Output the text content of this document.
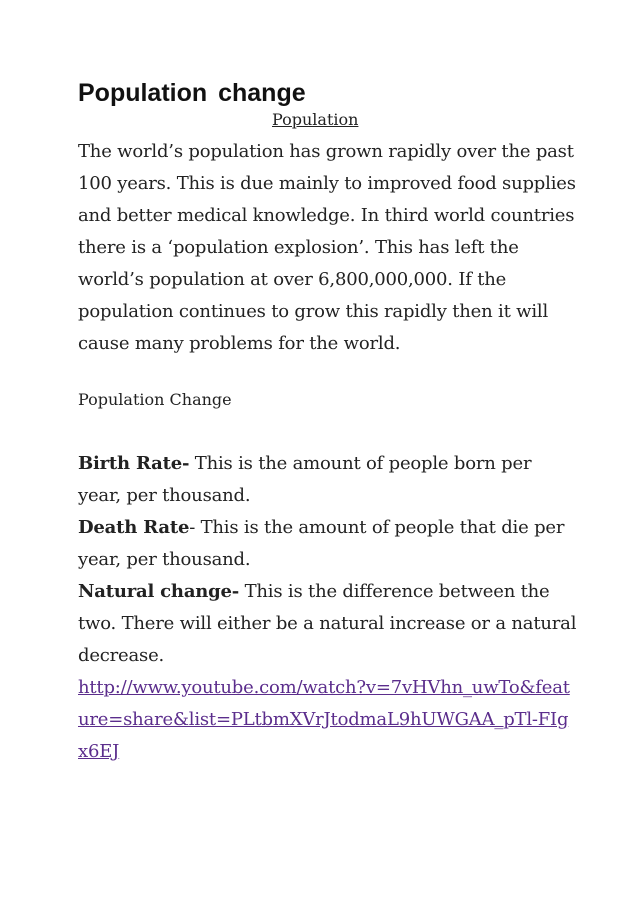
Population change
Population

The world’s population has grown rapidly over the past 100 years. This is due mainly to improved food supplies and better medical knowledge. In third world countries there is a ‘population explosion’. This has left the world’s population at over 6,800,000,000. If the population continues to grow this rapidly then it will cause many problems for the world.

Population Change
Birth Rate- This is the amount of people born per year, per thousand.
Death Rate- This is the amount of people that die per year, per thousand.
Natural change- This is the difference between the two. There will either be a natural increase or a natural decrease.
http://www.youtube.com/watch?v=7vHVhn_uwTo&feature=share&list=PLtbmXVrJtodmaL9hUWGAA_pTl-FIgx6EJ
